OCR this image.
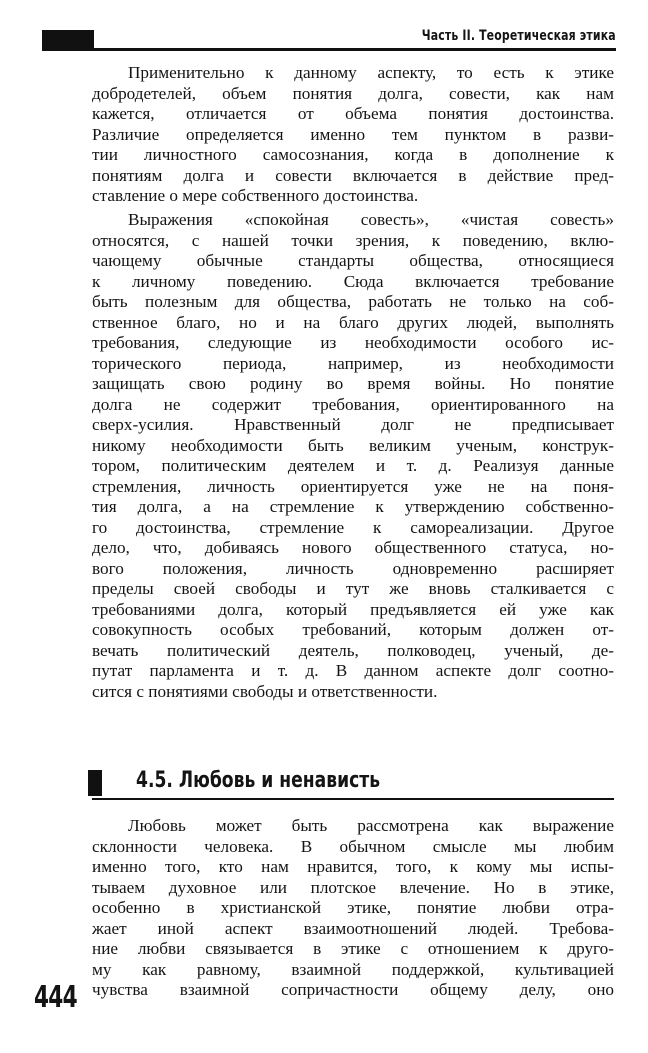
Часть II. Теоретическая этика
Применительно к данному аспекту, то есть к этике
добродетелей, объем понятия долга, совести, как нам
кажется, отличается от объема понятия достоинства.
Различие определяется именно тем пунктом в разви-
тии личностного самосознания, когда в дополнение к
понятиям долга и совести включается в действие пред-
ставление о мере собственного достоинства.
Выражения «спокойная совесть», «чистая совесть»
относятся, с нашей точки зрения, к поведению, вклю-
чающему обычные стандарты общества, относящиеся
к личному поведению. Сюда включается требование
быть полезным для общества, работать не только на соб-
ственное благо, но и на благо других людей, выполнять
требования, следующие из необходимости особого ис-
торического периода, например, из необходимости
защищать свою родину во время войны. Но понятие
долга не содержит требования, ориентированного на
сверх-усилия. Нравственный долг не предписывает
никому необходимости быть великим ученым, конструк-
тором, политическим деятелем и т. д. Реализуя данные
стремления, личность ориентируется уже не на поня-
тия долга, а на стремление к утверждению собственно-
го достоинства, стремление к самореализации. Другое
дело, что, добиваясь нового общественного статуса, но-
вого положения, личность одновременно расширяет
пределы своей свободы и тут же вновь сталкивается с
требованиями долга, который предъявляется ей уже как
совокупность особых требований, которым должен от-
вечать политический деятель, полководец, ученый, де-
путат парламента и т. д. В данном аспекте долг соотно-
сится с понятиями свободы и ответственности.
4.5. Любовь и ненависть
Любовь может быть рассмотрена как выражение
склонности человека. В обычном смысле мы любим
именно того, кто нам нравится, того, к кому мы испы-
тываем духовное или плотское влечение. Но в этике,
особенно в христианской этике, понятие любви отра-
жает иной аспект взаимоотношений людей. Требова-
ние любви связывается в этике с отношением к друго-
му как равному, взаимной поддержкой, культивацией
чувства взаимной сопричастности общему делу, оно
444
